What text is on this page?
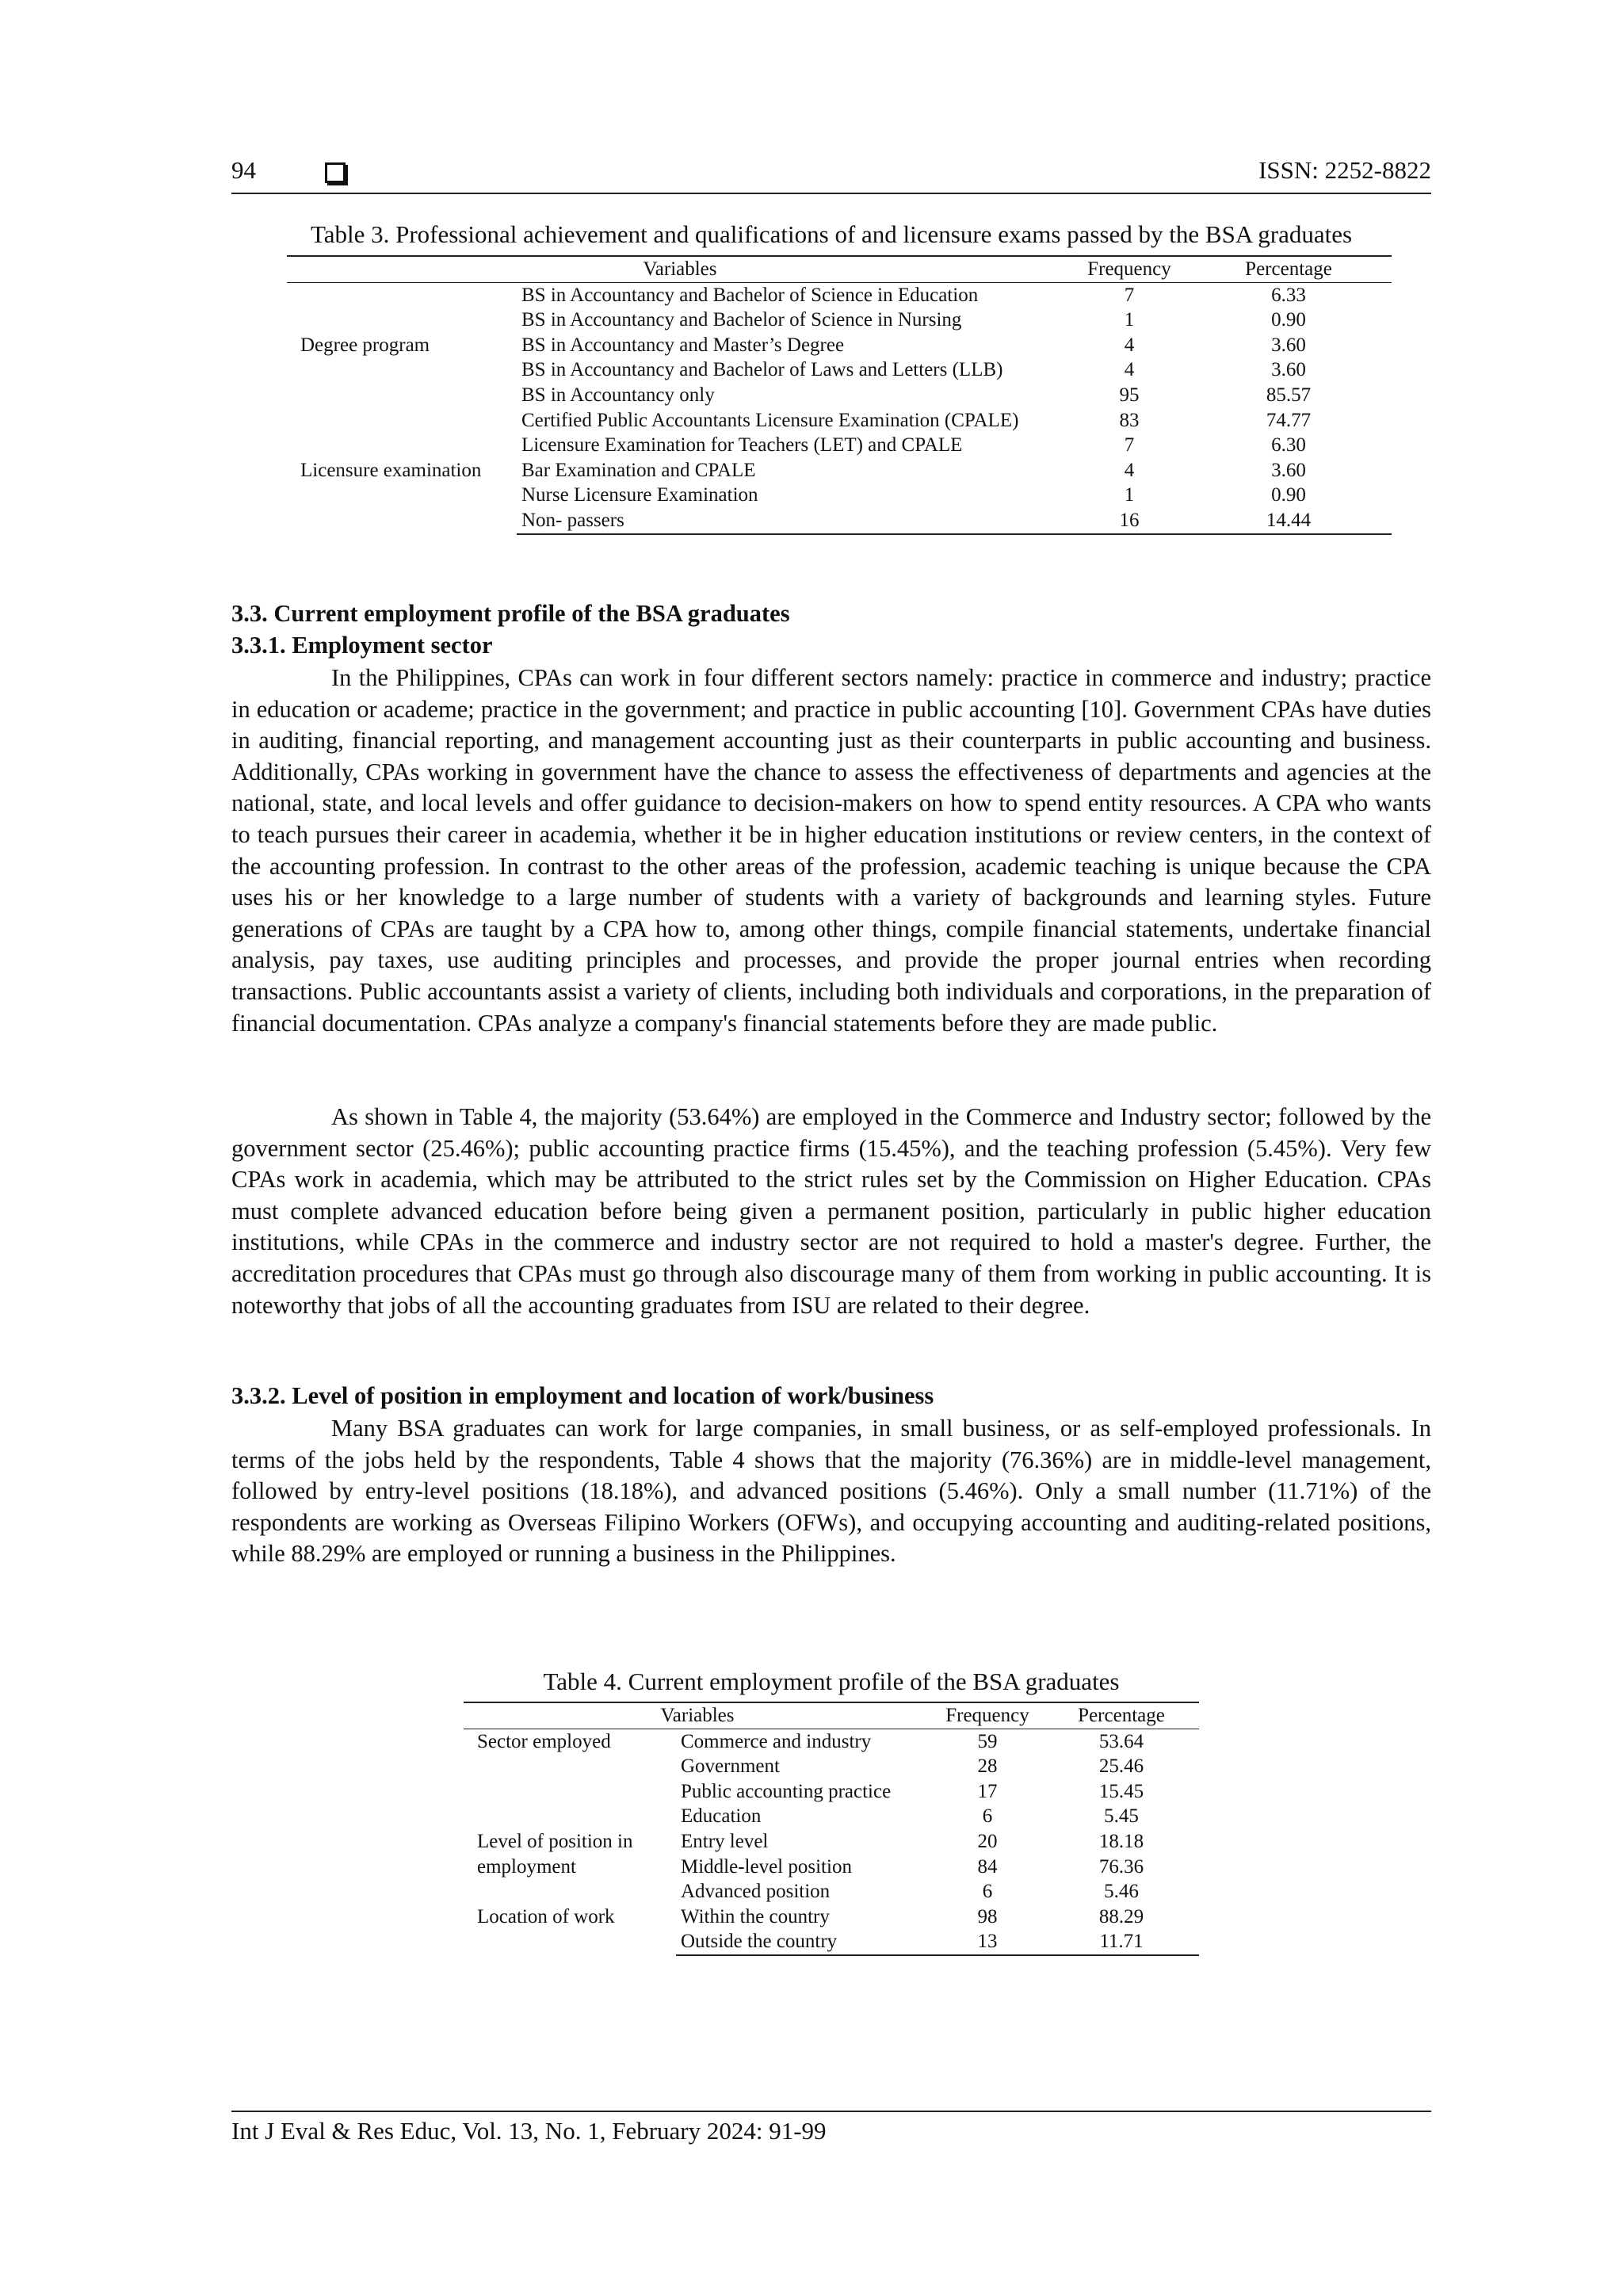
94	ISSN: 2252-8822
Table 3. Professional achievement and qualifications of and licensure exams passed by the BSA graduates
Variables		Frequency	Percentage
Degree program	BS in Accountancy and Bachelor of Science in Education	7	6.33
	BS in Accountancy and Bachelor of Science in Nursing	1	0.90
	BS in Accountancy and Master’s Degree	4	3.60
	BS in Accountancy and Bachelor of Laws and Letters (LLB)	4	3.60
	BS in Accountancy only	95	85.57
Licensure examination	Certified Public Accountants Licensure Examination (CPALE)	83	74.77
	Licensure Examination for Teachers (LET) and CPALE	7	6.30
	Bar Examination and CPALE	4	3.60
	Nurse Licensure Examination	1	0.90
	Non- passers	16	14.44
3.3. Current employment profile of the BSA graduates
3.3.1. Employment sector

In the Philippines, CPAs can work in four different sectors namely: practice in commerce and industry; practice in education or academe; practice in the government; and practice in public accounting [10]. Government CPAs have duties in auditing, financial reporting, and management accounting just as their counterparts in public accounting and business. Additionally, CPAs working in government have the chance to assess the effectiveness of departments and agencies at the national, state, and local levels and offer guidance to decision-makers on how to spend entity resources. A CPA who wants to teach pursues their career in academia, whether it be in higher education institutions or review centers, in the context of the accounting profession. In contrast to the other areas of the profession, academic teaching is unique because the CPA uses his or her knowledge to a large number of students with a variety of backgrounds and learning styles. Future generations of CPAs are taught by a CPA how to, among other things, compile financial statements, undertake financial analysis, pay taxes, use auditing principles and processes, and provide the proper journal entries when recording transactions. Public accountants assist a variety of clients, including both individuals and corporations, in the preparation of financial documentation. CPAs analyze a company's financial statements before they are made public.

As shown in Table 4, the majority (53.64%) are employed in the Commerce and Industry sector; followed by the government sector (25.46%); public accounting practice firms (15.45%), and the teaching profession (5.45%). Very few CPAs work in academia, which may be attributed to the strict rules set by the Commission on Higher Education. CPAs must complete advanced education before being given a permanent position, particularly in public higher education institutions, while CPAs in the commerce and industry sector are not required to hold a master's degree. Further, the accreditation procedures that CPAs must go through also discourage many of them from working in public accounting. It is noteworthy that jobs of all the accounting graduates from ISU are related to their degree.

3.3.2. Level of position in employment and location of work/business

Many BSA graduates can work for large companies, in small business, or as self-employed professionals. In terms of the jobs held by the respondents, Table 4 shows that the majority (76.36%) are in middle-level management, followed by entry-level positions (18.18%), and advanced positions (5.46%). Only a small number (11.71%) of the respondents are working as Overseas Filipino Workers (OFWs), and occupying accounting and auditing-related positions, while 88.29% are employed or running a business in the Philippines.

Table 4. Current employment profile of the BSA graduates
Variables		Frequency	Percentage
Sector employed	Commerce and industry	59	53.64
	Government	28	25.46
	Public accounting practice	17	15.45
	Education	6	5.45
Level of position in employment	Entry level	20	18.18
	Middle-level position	84	76.36
	Advanced position	6	5.46
Location of work	Within the country	98	88.29
	Outside the country	13	11.71
Int J Eval & Res Educ, Vol. 13, No. 1, February 2024: 91-99
